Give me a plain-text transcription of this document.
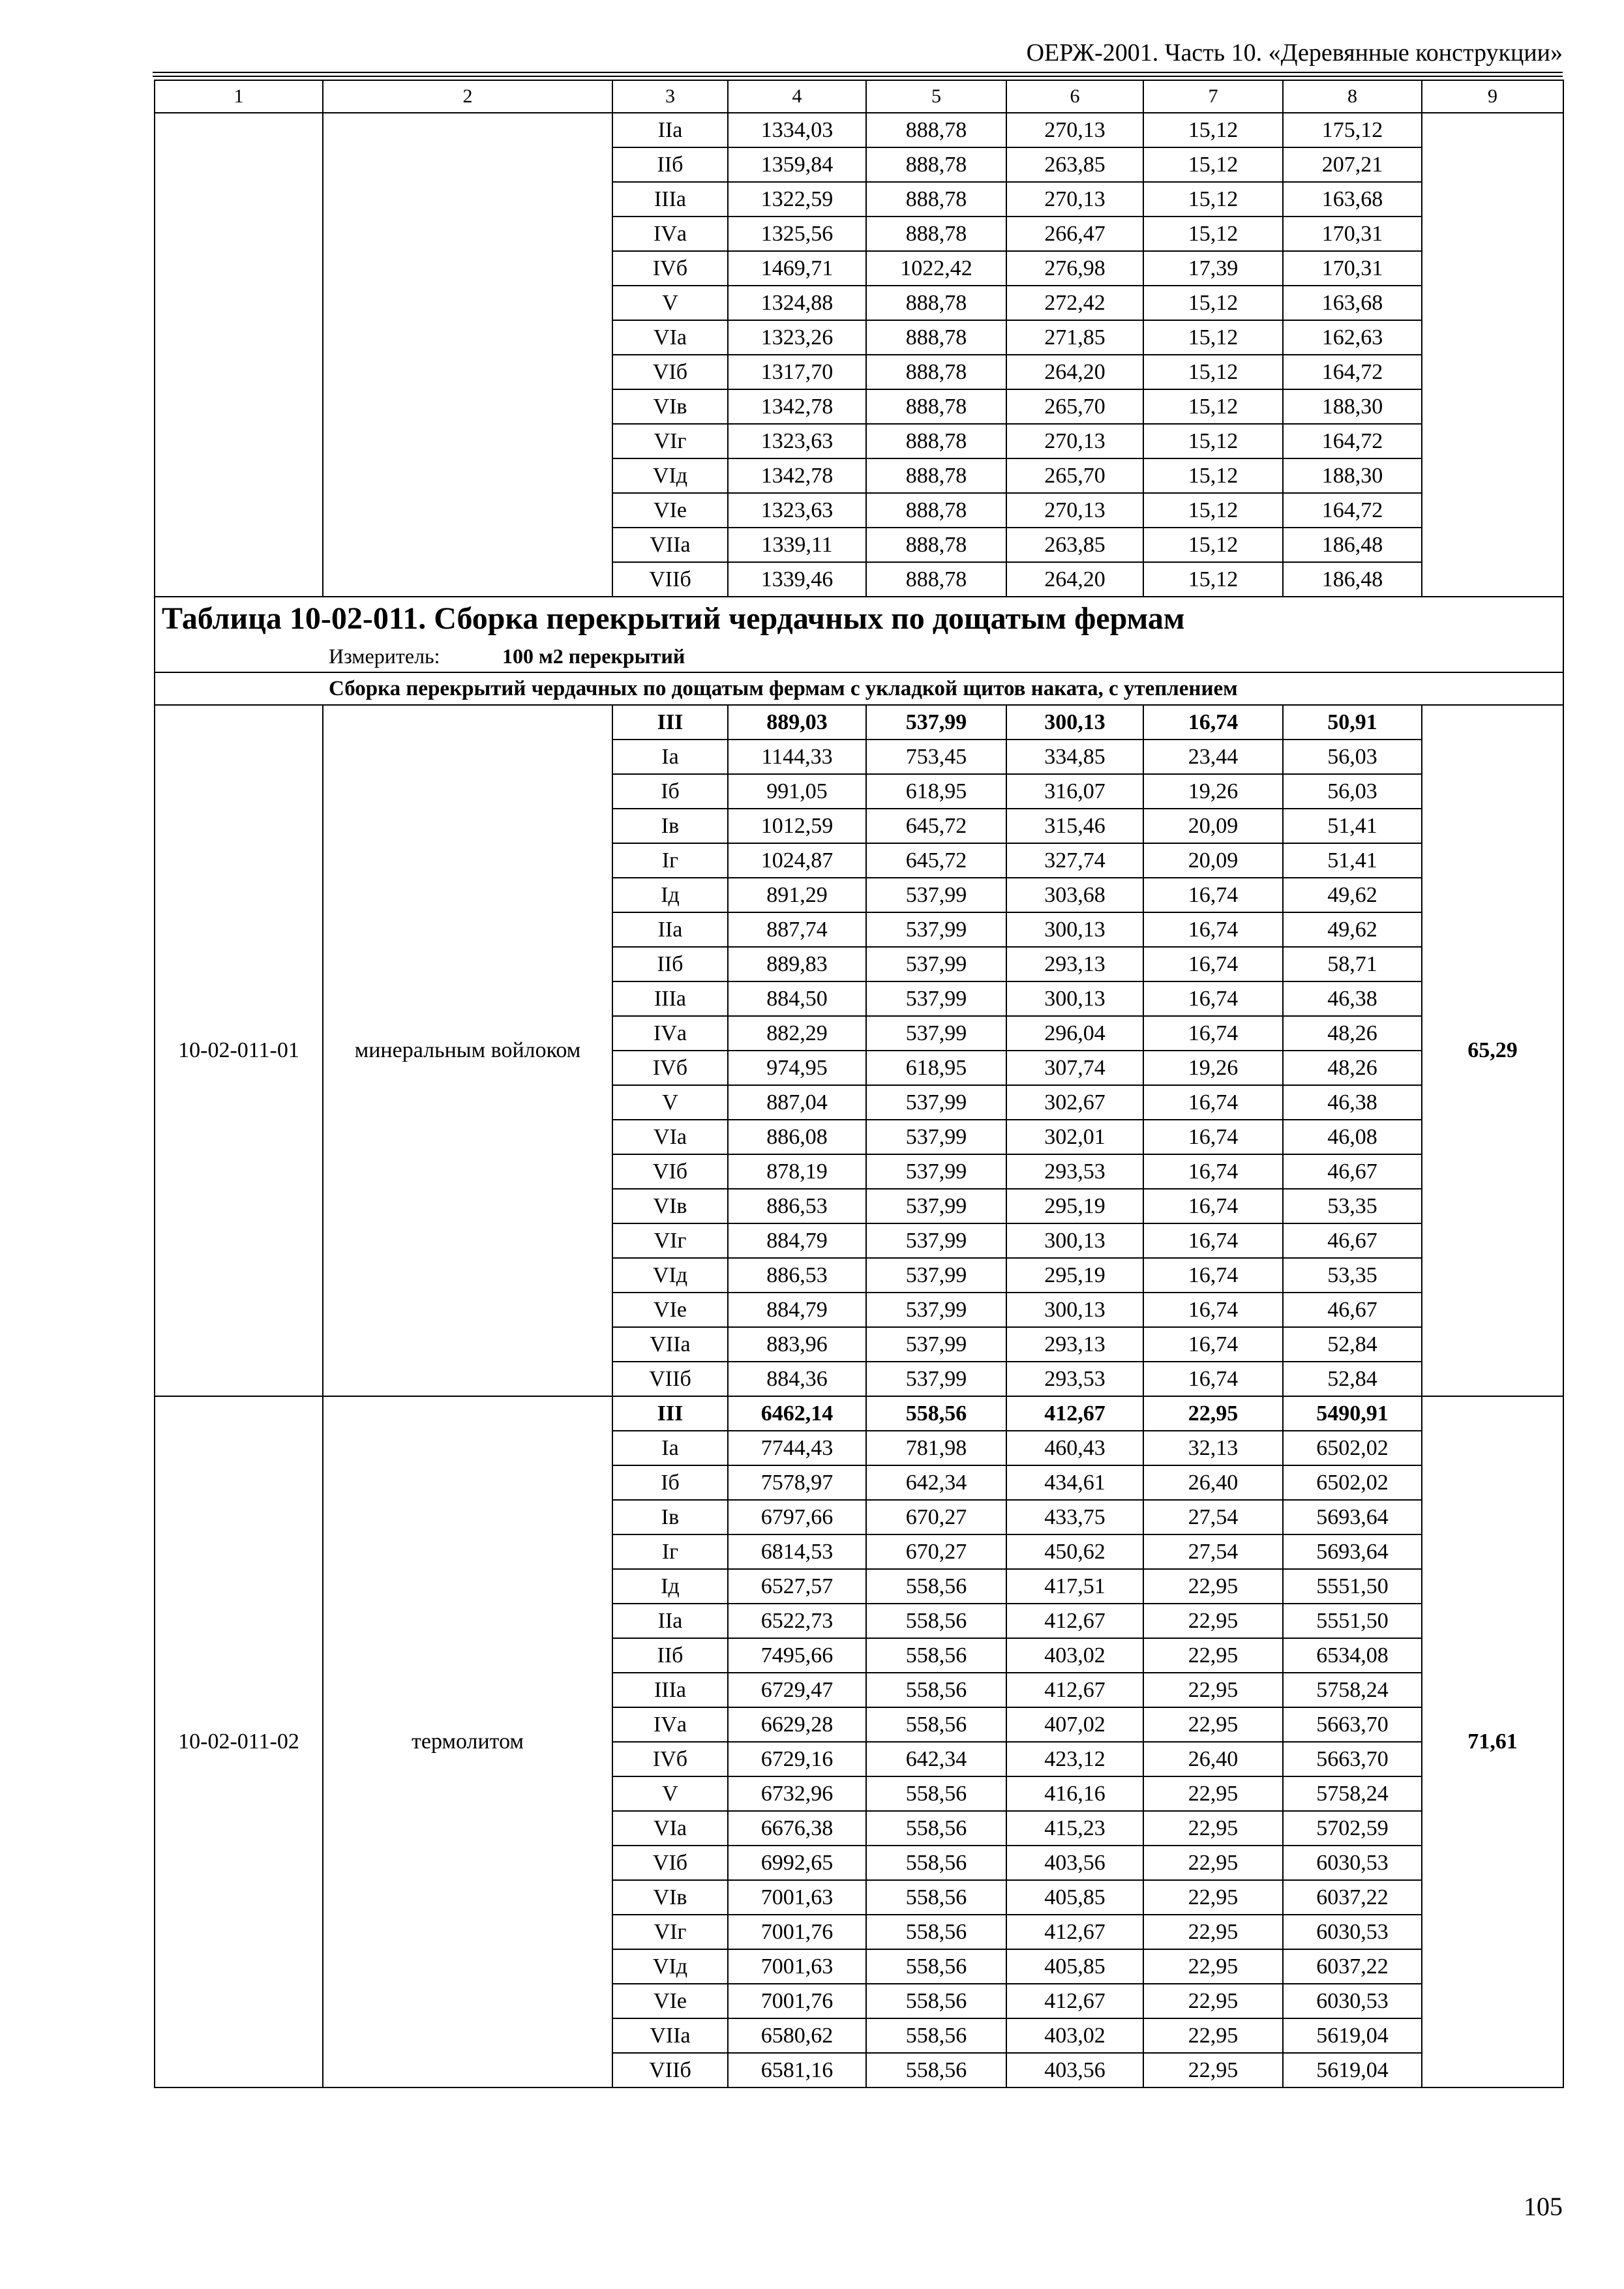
ОЕРЖ-2001. Часть 10. «Деревянные конструкции»
1	2	3	4	5	6	7	8	9
		IIа	1334,03	888,78	270,13	15,12	175,12	
		IIб	1359,84	888,78	263,85	15,12	207,21	
		IIIа	1322,59	888,78	270,13	15,12	163,68	
		IVа	1325,56	888,78	266,47	15,12	170,31	
		IVб	1469,71	1022,42	276,98	17,39	170,31	
		V	1324,88	888,78	272,42	15,12	163,68	
		VIа	1323,26	888,78	271,85	15,12	162,63	
		VIб	1317,70	888,78	264,20	15,12	164,72	
		VIв	1342,78	888,78	265,70	15,12	188,30	
		VIг	1323,63	888,78	270,13	15,12	164,72	
		VIд	1342,78	888,78	265,70	15,12	188,30	
		VIе	1323,63	888,78	270,13	15,12	164,72	
		VIIа	1339,11	888,78	263,85	15,12	186,48	
		VIIб	1339,46	888,78	264,20	15,12	186,48	
Таблица 10-02-011. Сборка перекрытий чердачных по дощатым фермам								
Измеритель: 100 м2 перекрытий								
Сборка перекрытий чердачных по дощатым фермам с укладкой щитов наката, с утеплением								
10-02-011-01	минеральным войлоком	III	889,03	537,99	300,13	16,74	50,91	65,29
		Iа	1144,33	753,45	334,85	23,44	56,03	
		Iб	991,05	618,95	316,07	19,26	56,03	
		Iв	1012,59	645,72	315,46	20,09	51,41	
		Iг	1024,87	645,72	327,74	20,09	51,41	
		Iд	891,29	537,99	303,68	16,74	49,62	
		IIа	887,74	537,99	300,13	16,74	49,62	
		IIб	889,83	537,99	293,13	16,74	58,71	
		IIIа	884,50	537,99	300,13	16,74	46,38	
		IVа	882,29	537,99	296,04	16,74	48,26	
		IVб	974,95	618,95	307,74	19,26	48,26	
		V	887,04	537,99	302,67	16,74	46,38	
		VIа	886,08	537,99	302,01	16,74	46,08	
		VIб	878,19	537,99	293,53	16,74	46,67	
		VIв	886,53	537,99	295,19	16,74	53,35	
		VIг	884,79	537,99	300,13	16,74	46,67	
		VIд	886,53	537,99	295,19	16,74	53,35	
		VIе	884,79	537,99	300,13	16,74	46,67	
		VIIа	883,96	537,99	293,13	16,74	52,84	
		VIIб	884,36	537,99	293,53	16,74	52,84	
10-02-011-02	термолитом	III	6462,14	558,56	412,67	22,95	5490,91	71,61
		Iа	7744,43	781,98	460,43	32,13	6502,02	
		Iб	7578,97	642,34	434,61	26,40	6502,02	
		Iв	6797,66	670,27	433,75	27,54	5693,64	
		Iг	6814,53	670,27	450,62	27,54	5693,64	
		Iд	6527,57	558,56	417,51	22,95	5551,50	
		IIа	6522,73	558,56	412,67	22,95	5551,50	
		IIб	7495,66	558,56	403,02	22,95	6534,08	
		IIIа	6729,47	558,56	412,67	22,95	5758,24	
		IVа	6629,28	558,56	407,02	22,95	5663,70	
		IVб	6729,16	642,34	423,12	26,40	5663,70	
		V	6732,96	558,56	416,16	22,95	5758,24	
		VIа	6676,38	558,56	415,23	22,95	5702,59	
		VIб	6992,65	558,56	403,56	22,95	6030,53	
		VIв	7001,63	558,56	405,85	22,95	6037,22	
		VIг	7001,76	558,56	412,67	22,95	6030,53	
		VIд	7001,63	558,56	405,85	22,95	6037,22	
		VIе	7001,76	558,56	412,67	22,95	6030,53	
		VIIа	6580,62	558,56	403,02	22,95	5619,04	
		VIIб	6581,16	558,56	403,56	22,95	5619,04	
105
